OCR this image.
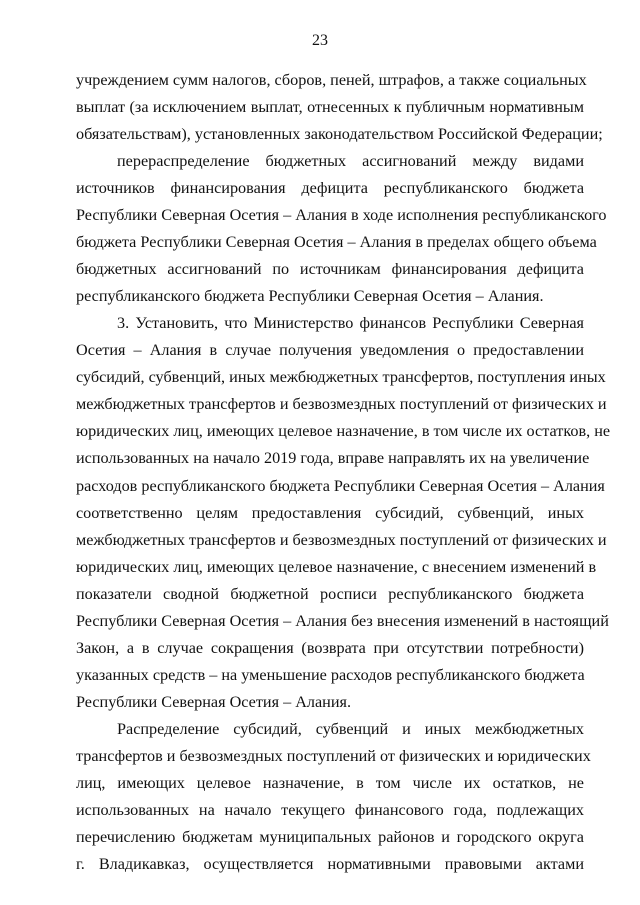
23
учреждением сумм налогов, сборов, пеней, штрафов, а также социальных
выплат (за исключением выплат, отнесенных к публичным нормативным
обязательствам), установленных законодательством Российской Федерации;
перераспределение бюджетных ассигнований между видами
источников финансирования дефицита республиканского бюджета
Республики Северная Осетия – Алания в ходе исполнения республиканского
бюджета Республики Северная Осетия – Алания в пределах общего объема
бюджетных ассигнований по источникам финансирования дефицита
республиканского бюджета Республики Северная Осетия – Алания.
3. Установить, что Министерство финансов Республики Северная
Осетия – Алания в случае получения уведомления о предоставлении
субсидий, субвенций, иных межбюджетных трансфертов, поступления иных
межбюджетных трансфертов и безвозмездных поступлений от физических и
юридических лиц, имеющих целевое назначение, в том числе их остатков, не
использованных на начало 2019 года, вправе направлять их на увеличение
расходов республиканского бюджета Республики Северная Осетия – Алания
соответственно целям предоставления субсидий, субвенций, иных
межбюджетных трансфертов и безвозмездных поступлений от физических и
юридических лиц, имеющих целевое назначение, с внесением изменений в
показатели сводной бюджетной росписи республиканского бюджета
Республики Северная Осетия – Алания без внесения изменений в настоящий
Закон, а в случае сокращения (возврата при отсутствии потребности)
указанных средств – на уменьшение расходов республиканского бюджета
Республики Северная Осетия – Алания.
Распределение субсидий, субвенций и иных межбюджетных
трансфертов и безвозмездных поступлений от физических и юридических
лиц, имеющих целевое назначение, в том числе их остатков, не
использованных на начало текущего финансового года, подлежащих
перечислению бюджетам муниципальных районов и городского округа
г. Владикавказ, осуществляется нормативными правовыми актами
